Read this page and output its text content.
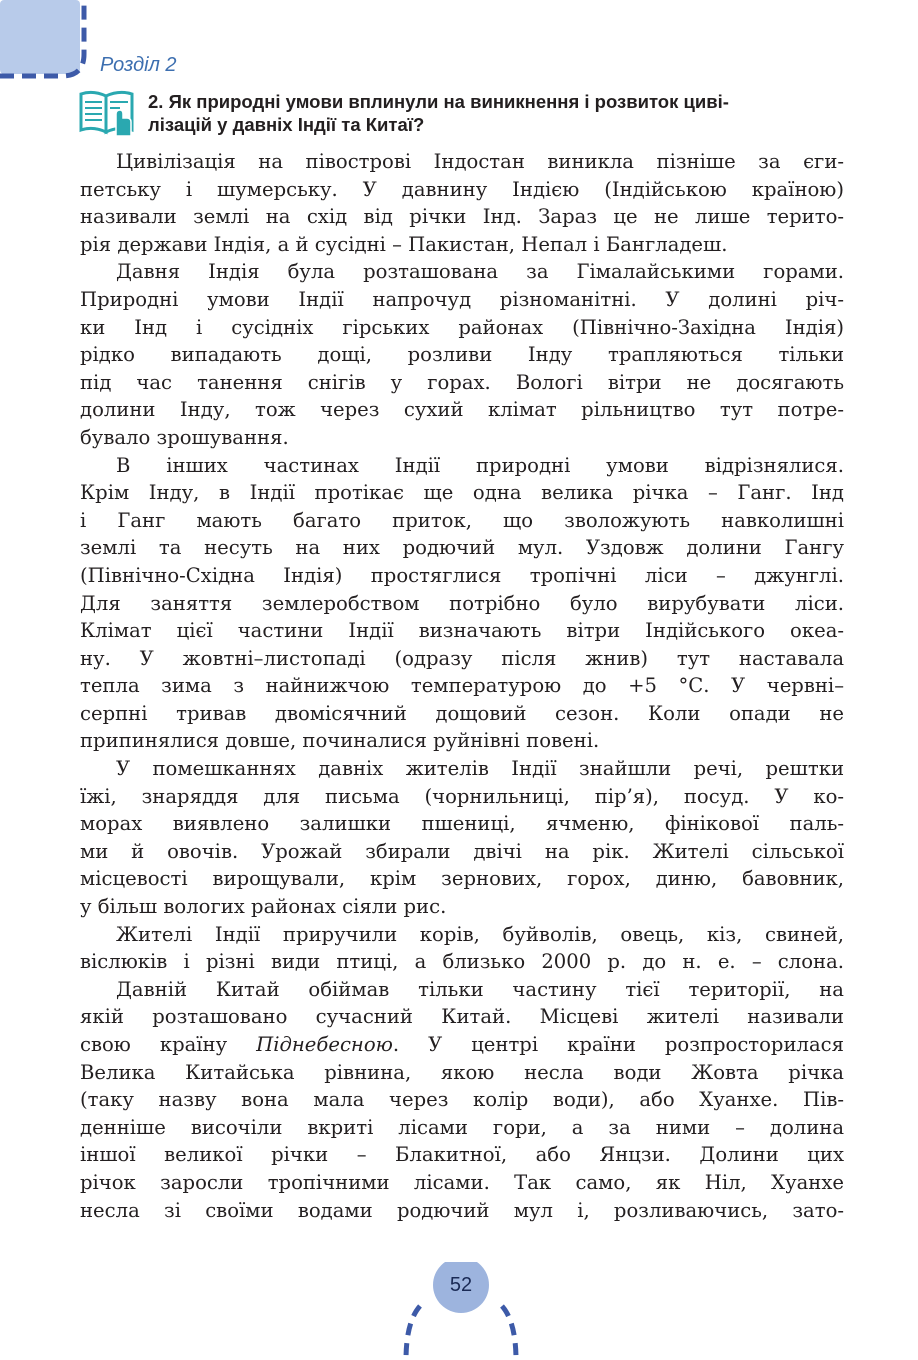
Розділ 2
2. Як природні умови вплинули на виникнення і розвиток циві-
лізацій у давніх Індії та Китаї?
Цивілізація на півострові Індостан виникла пізніше за єги-
петську і шумерську. У давнину Індією (Індійською країною)
називали землі на схід від річки Інд. Зараз це не лише терито-
рія держави Індія, а й сусідні – Пакистан, Непал і Бангладеш.
Давня Індія була розташована за Гімалайськими горами.
Природні умови Індії напрочуд різноманітні. У долині річ-
ки Інд і сусідніх гірських районах (Північно-Західна Індія)
рідко випадають дощі, розливи Інду трапляються тільки
під час танення снігів у горах. Вологі вітри не досягають
долини Інду, тож через сухий клімат рільництво тут потре-
бувало зрошування.
В інших частинах Індії природні умови відрізнялися.
Крім Інду, в Індії протікає ще одна велика річка – Ганг. Інд
і Ганг мають багато приток, що зволожують навколишні
землі та несуть на них родючий мул. Уздовж долини Гангу
(Північно-Східна Індія) простяглися тропічні ліси – джунглі.
Для заняття землеробством потрібно було вирубувати ліси.
Клімат цієї частини Індії визначають вітри Індійського океа-
ну. У жовтні–листопаді (одразу після жнив) тут наставала
тепла зима з найнижчою температурою до +5 °С. У червні–
серпні тривав двомісячний дощовий сезон. Коли опади не
припинялися довше, починалися руйнівні повені.
У помешканнях давніх жителів Індії знайшли речі, рештки
їжі, знаряддя для письма (чорнильниці, пір’я), посуд. У ко-
морах виявлено залишки пшениці, ячменю, фінікової паль-
ми й овочів. Урожай збирали двічі на рік. Жителі сільської
місцевості вирощували, крім зернових, горох, диню, бавовник,
у більш вологих районах сіяли рис.
Жителі Індії приручили корів, буйволів, овець, кіз, свиней,
віслюків і різні види птиці, а близько 2000 р. до н. е. – слона.
Давній Китай обіймав тільки частину тієї території, на
якій розташовано сучасний Китай. Місцеві жителі називали
свою країну Піднебесною. У центрі країни розпросторилася
Велика Китайська рівнина, якою несла води Жовта річка
(таку назву вона мала через колір води), або Хуанхе. Пів-
денніше височіли вкриті лісами гори, а за ними – долина
іншої великої річки – Блакитної, або Янцзи. Долини цих
річок заросли тропічними лісами. Так само, як Ніл, Хуанхе
несла зі своїми водами родючий мул і, розливаючись, зато-
52
